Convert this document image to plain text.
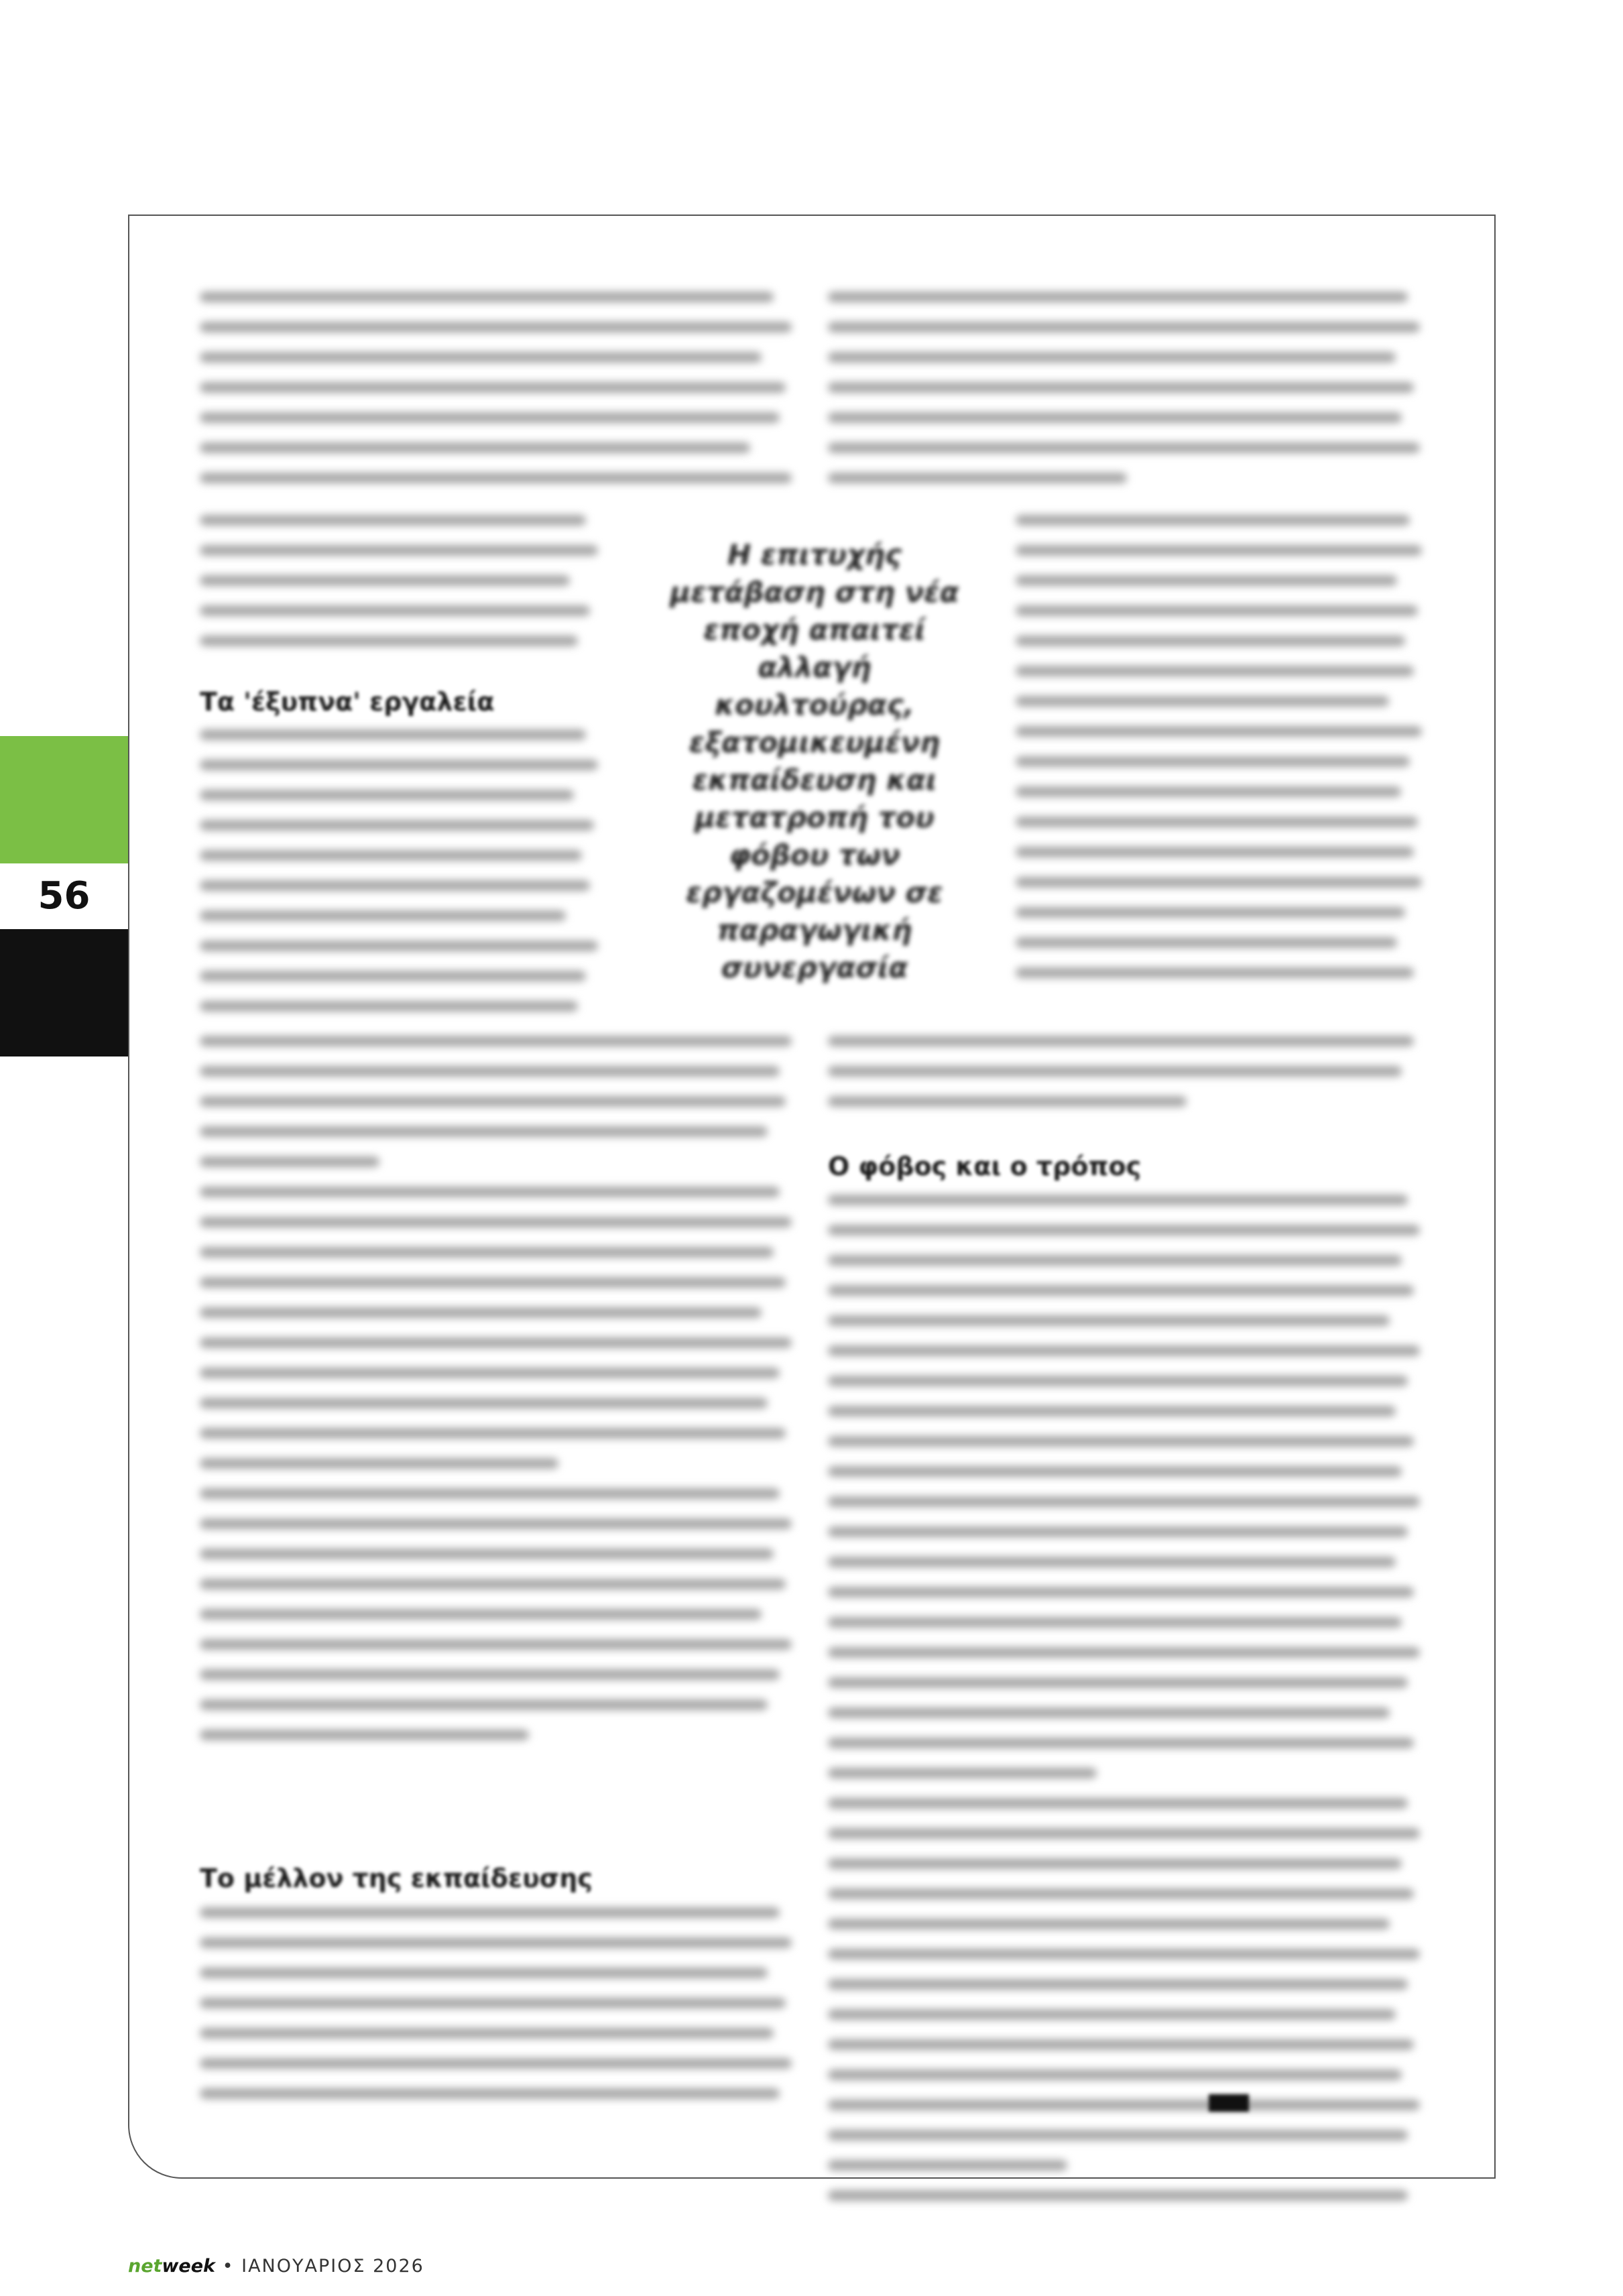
56
Τα 'έξυπνα' εργαλεία
Το μέλλον της εκπαίδευσης
Ο φόβος και ο τρόπος
Η επιτυχής μετάβαση στη νέα εποχή απαιτεί αλλαγή κουλτούρας, εξατομικευμένη εκπαίδευση και μετατροπή του φόβου των εργαζομένων σε παραγωγική συνεργασία
netweek • ΙΑΝΟΥΑΡΙΟΣ 2026
